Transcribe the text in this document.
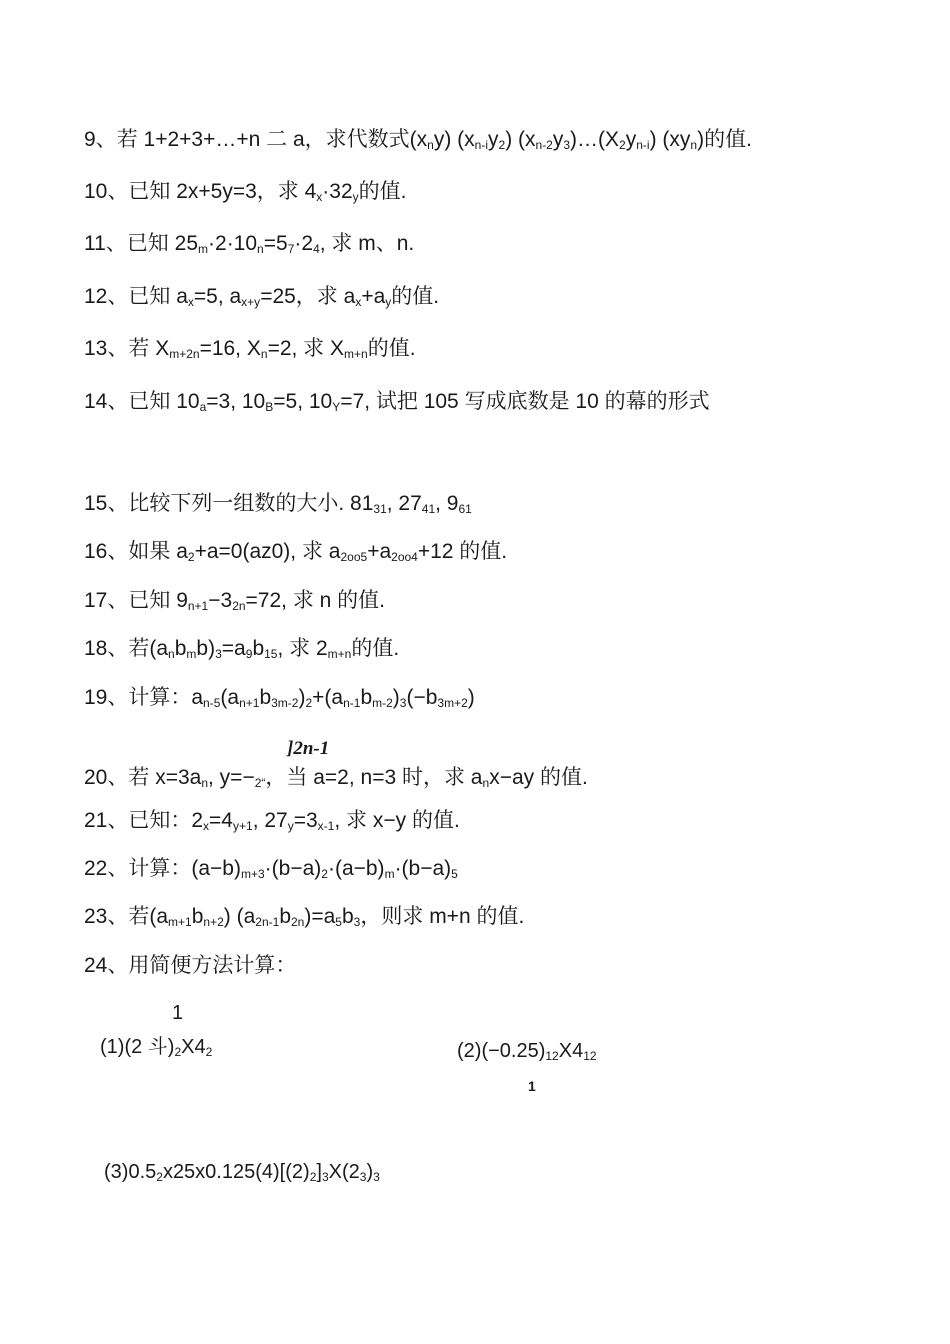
9、若 1+2+3+…+n 二 a，求代数式(xny) (xn-iy2) (xn-2y3)…(X2yn-i) (xyn)的值.
10、已知 2x+5y=3，求 4x·32y的值.
11、已知 25m·2·10n=57·24, 求 m、n.
12、已知 ax=5, ax+y=25，求 ax+ay的值.
13、若 Xm+2n=16, Xn=2, 求 Xm+n的值.
14、已知 10a=3, 10B=5, 10Y=7, 试把 105 写成底数是 10 的幕的形式
15、比较下列一组数的大小. 8131, 2741, 961
16、如果 a2+a=0(az0), 求 a2oo5+a2oo4+12 的值.
17、已知 9n+1−32n=72, 求 n 的值.
18、若(anbmb)3=a9b15, 求 2m+n的值.
19、计算：an-5(an+1b3m-2)2+(an-1bm-2)3(−b3m+2)
]2n-1
20、若 x=3an, y=−2“，当 a=2, n=3 时，求 anx−ay 的值.
21、已知：2x=4y+1, 27y=3x-1, 求 x−y 的值.
22、计算：(a−b)m+3·(b−a)2·(a−b)m·(b−a)5
23、若(am+1bn+2) (a2n-1b2n)=a5b3，则求 m+n 的值.
24、用简便方法计算：
1
(1)(2 斗)2X42	(2)(−0.25)12X412
1
(3)0.52x25x0.125(4)[(2)2]3X(23)3
